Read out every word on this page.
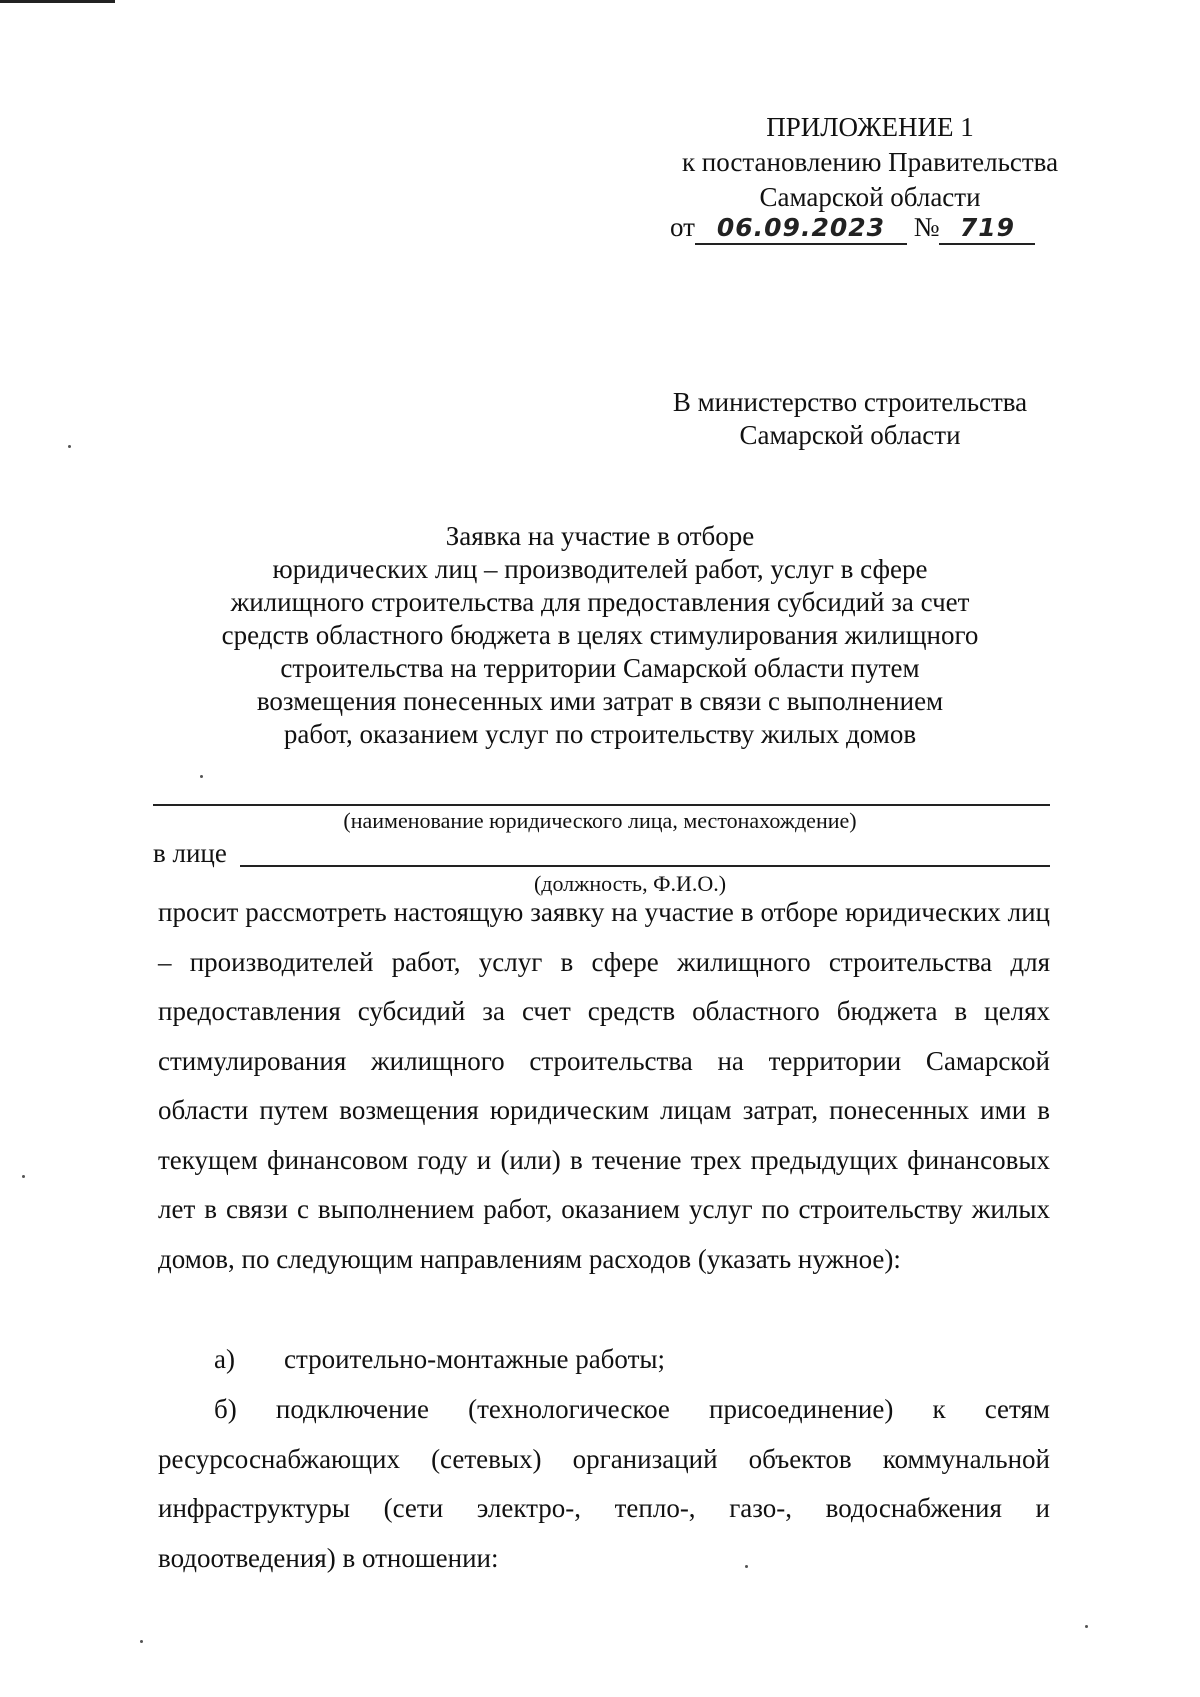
ПРИЛОЖЕНИЕ 1
к постановлению Правительства
Самарской области
от 06.09.2023 № 719
В министерство строительства
Самарской области
Заявка на участие в отборе
юридических лиц – производителей работ, услуг в сфере
жилищного строительства для предоставления субсидий за счет
средств областного бюджета в целях стимулирования жилищного
строительства на территории Самарской области путем
возмещения понесенных ими затрат в связи с выполнением
работ, оказанием услуг по строительству жилых домов
(наименование юридического лица, местонахождение)
в лице
(должность, Ф.И.О.)
просит рассмотреть настоящую заявку на участие в отборе юридических лиц – производителей работ, услуг в сфере жилищного строительства для предоставления субсидий за счет средств областного бюджета в целях стимулирования жилищного строительства на территории Самарской области путем возмещения юридическим лицам затрат, понесенных ими в текущем финансовом году и (или) в течение трех предыдущих финансовых лет в связи с выполнением работ, оказанием услуг по строительству жилых домов, по следующим направлениям расходов (указать нужное):
а) строительно-монтажные работы;
б) подключение (технологическое присоединение) к сетям ресурсоснабжающих (сетевых) организаций объектов коммунальной инфраструктуры (сети электро-, тепло-, газо-, водоснабжения и водоотведения) в отношении:
